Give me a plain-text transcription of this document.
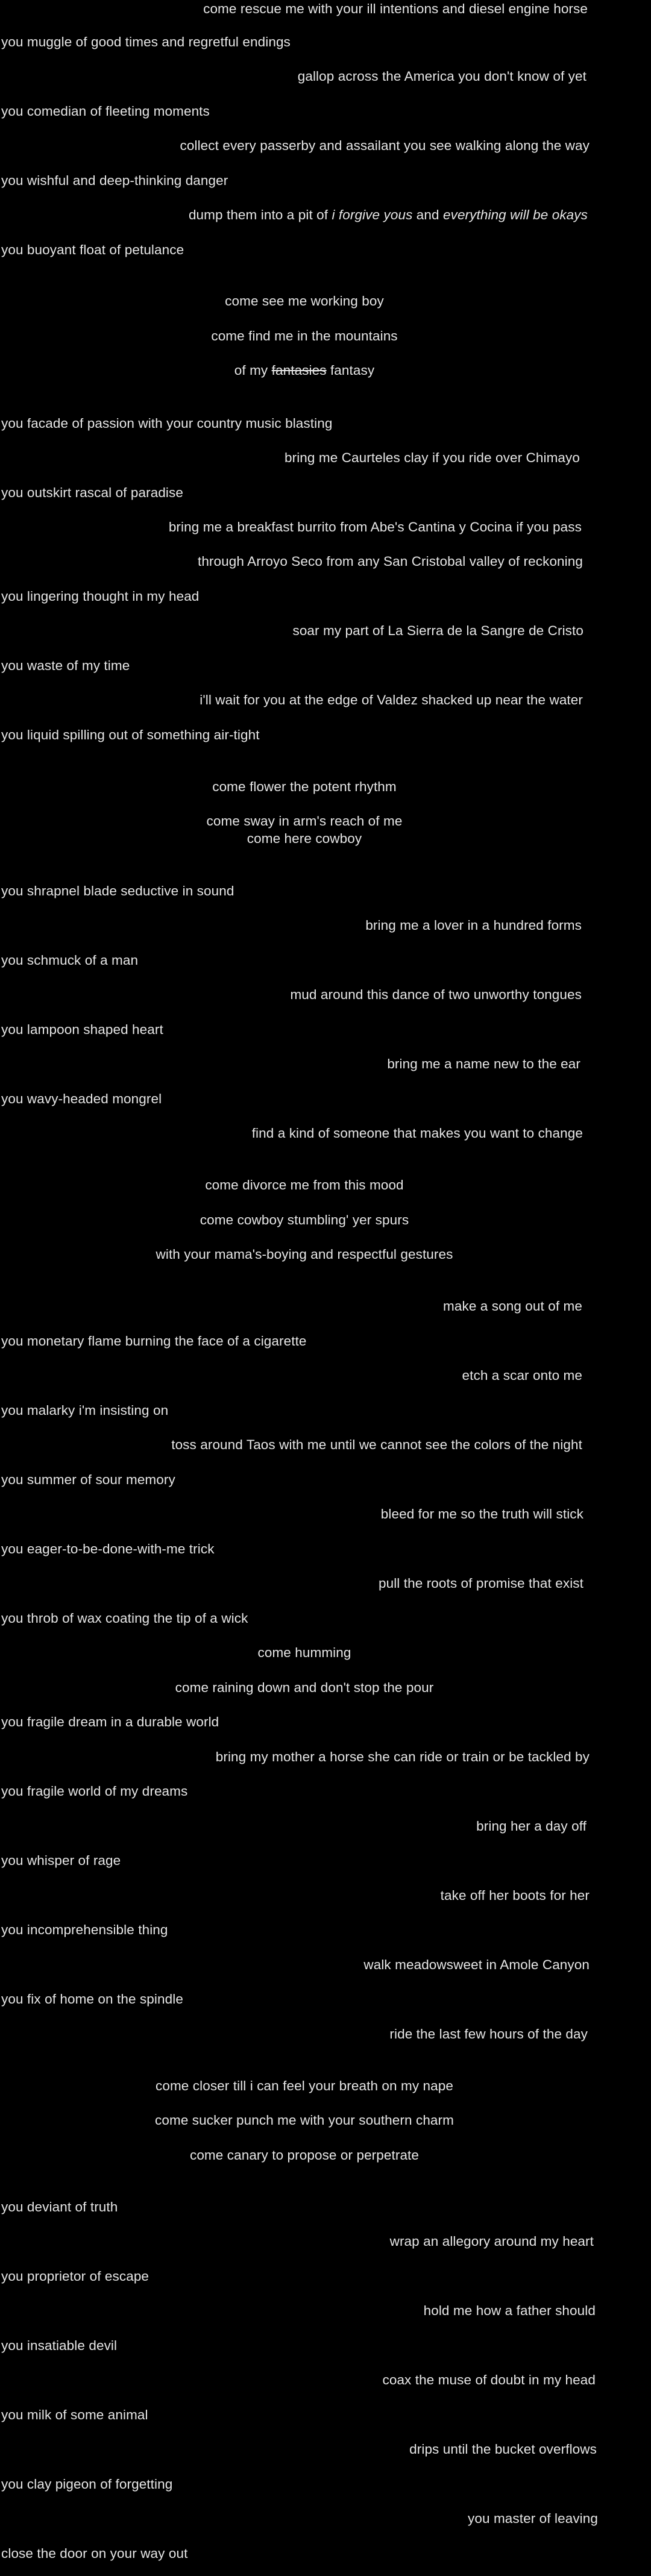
come rescue me with your ill intentions and diesel engine horse
you muggle of good times and regretful endings
gallop across the America you don't know of yet
you comedian of fleeting moments
collect every passerby and assailant you see walking along the way
you wishful and deep-thinking danger
dump them into a pit of i forgive yous and everything will be okays
you buoyant float of petulance
come see me working boy
come find me in the mountains
of my fantasies fantasy
you facade of passion with your country music blasting
bring me Caurteles clay if you ride over Chimayo
you outskirt rascal of paradise
bring me a breakfast burrito from Abe's Cantina y Cocina if you pass
through Arroyo Seco from any San Cristobal valley of reckoning
you lingering thought in my head
soar my part of La Sierra de la Sangre de Cristo
you waste of my time
i'll wait for you at the edge of Valdez shacked up near the water
you liquid spilling out of something air-tight
come flower the potent rhythm
come sway in arm's reach of me
come here cowboy
you shrapnel blade seductive in sound
bring me a lover in a hundred forms
you schmuck of a man
mud around this dance of two unworthy tongues
you lampoon shaped heart
bring me a name new to the ear
you wavy-headed mongrel
find a kind of someone that makes you want to change
come divorce me from this mood
come cowboy stumbling' yer spurs
with your mama's-boying and respectful gestures
make a song out of me
you monetary flame burning the face of a cigarette
etch a scar onto me
you malarky i'm insisting on
toss around Taos with me until we cannot see the colors of the night
you summer of sour memory
bleed for me so the truth will stick
you eager-to-be-done-with-me trick
pull the roots of promise that exist
you throb of wax coating the tip of a wick
come humming
come raining down and don't stop the pour
you fragile dream in a durable world
bring my mother a horse she can ride or train or be tackled by
you fragile world of my dreams
bring her a day off
you whisper of rage
take off her boots for her
you incomprehensible thing
walk meadowsweet in Amole Canyon
you fix of home on the spindle
ride the last few hours of the day
come closer till i can feel your breath on my nape
come sucker punch me with your southern charm
come canary to propose or perpetrate
you deviant of truth
wrap an allegory around my heart
you proprietor of escape
hold me how a father should
you insatiable devil
coax the muse of doubt in my head
you milk of some animal
drips until the bucket overflows
you clay pigeon of forgetting
you master of leaving
close the door on your way out
